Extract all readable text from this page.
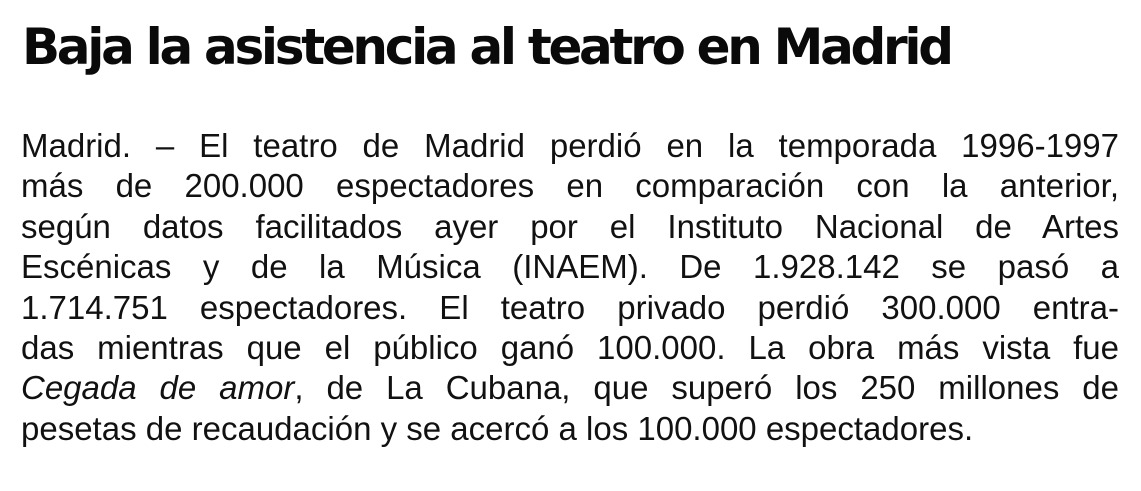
Baja la asistencia al teatro en Madrid
Madrid. – El teatro de Madrid perdió en la temporada 1996-1997
más de 200.000 espectadores en comparación con la anterior,
según datos facilitados ayer por el Instituto Nacional de Artes
Escénicas y de la Música (INAEM). De 1.928.142 se pasó a
1.714.751 espectadores. El teatro privado perdió 300.000 entra-
das mientras que el público ganó 100.000. La obra más vista fue
Cegada de amor, de La Cubana, que superó los 250 millones de
pesetas de recaudación y se acercó a los 100.000 espectadores.
